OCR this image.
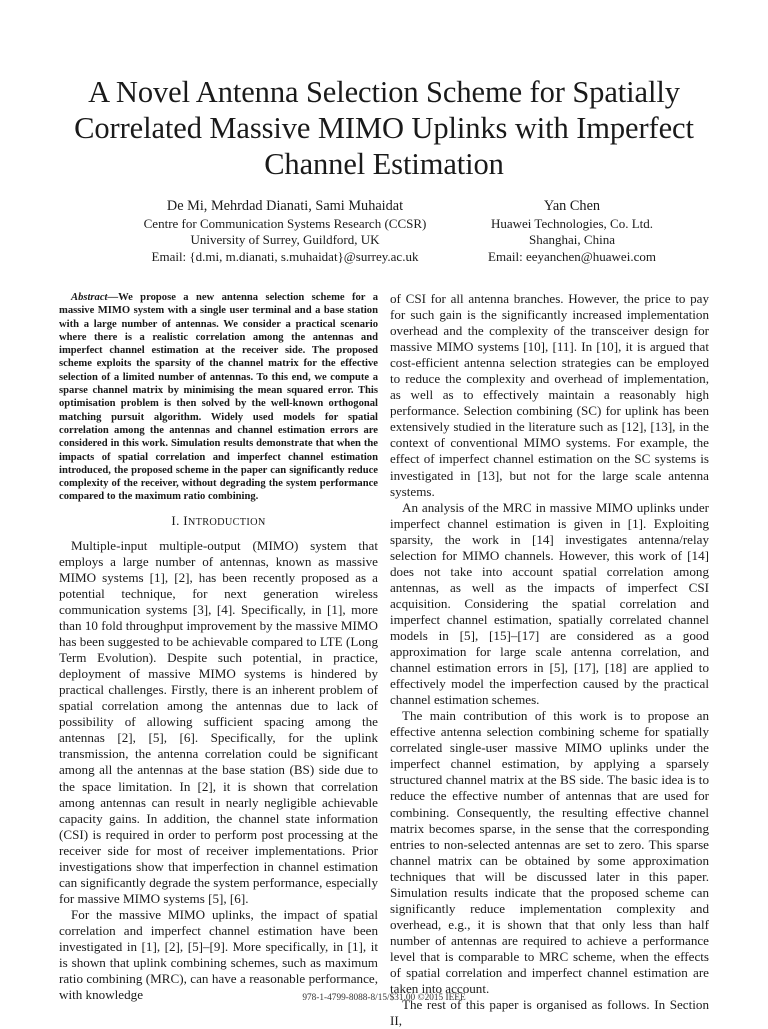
A Novel Antenna Selection Scheme for Spatially Correlated Massive MIMO Uplinks with Imperfect Channel Estimation
De Mi, Mehrdad Dianati, Sami Muhaidat
Centre for Communication Systems Research (CCSR)
University of Surrey, Guildford, UK
Email: {d.mi, m.dianati, s.muhaidat}@surrey.ac.uk
Yan Chen
Huawei Technologies, Co. Ltd.
Shanghai, China
Email: eeyanchen@huawei.com

Abstract—We propose a new antenna selection scheme for a massive MIMO system with a single user terminal and a base station with a large number of antennas. We consider a practical scenario where there is a realistic correlation among the antennas and imperfect channel estimation at the receiver side. The proposed scheme exploits the sparsity of the channel matrix for the effective selection of a limited number of antennas. To this end, we compute a sparse channel matrix by minimising the mean squared error. This optimisation problem is then solved by the well-known orthogonal matching pursuit algorithm. Widely used models for spatial correlation among the antennas and channel estimation errors are considered in this work. Simulation results demonstrate that when the impacts of spatial correlation and imperfect channel estimation introduced, the proposed scheme in the paper can significantly reduce complexity of the receiver, without degrading the system performance compared to the maximum ratio combining.

I. INTRODUCTION

Multiple-input multiple-output (MIMO) system that employs a large number of antennas, known as massive MIMO systems [1], [2], has been recently proposed as a potential technique, for next generation wireless communication systems [3], [4]. Specifically, in [1], more than 10 fold throughput improvement by the massive MIMO has been suggested to be achievable compared to LTE (Long Term Evolution). Despite such potential, in practice, deployment of massive MIMO systems is hindered by practical challenges. Firstly, there is an inherent problem of spatial correlation among the antennas due to lack of possibility of allowing sufficient spacing among the antennas [2], [5], [6]. Specifically, for the uplink transmission, the antenna correlation could be significant among all the antennas at the base station (BS) side due to the space limitation. In [2], it is shown that correlation among antennas can result in nearly negligible achievable capacity gains. In addition, the channel state information (CSI) is required in order to perform post processing at the receiver side for most of receiver implementations. Prior investigations show that imperfection in channel estimation can significantly degrade the system performance, especially for massive MIMO systems [5], [6].

For the massive MIMO uplinks, the impact of spatial correlation and imperfect channel estimation have been investigated in [1], [2], [5]–[9]. More specifically, in [1], it is shown that uplink combining schemes, such as maximum ratio combining (MRC), can have a reasonable performance, with knowledge

of CSI for all antenna branches. However, the price to pay for such gain is the significantly increased implementation overhead and the complexity of the transceiver design for massive MIMO systems [10], [11]. In [10], it is argued that cost-efficient antenna selection strategies can be employed to reduce the complexity and overhead of implementation, as well as to effectively maintain a reasonably high performance. Selection combining (SC) for uplink has been extensively studied in the literature such as [12], [13], in the context of conventional MIMO systems. For example, the effect of imperfect channel estimation on the SC systems is investigated in [13], but not for the large scale antenna systems.

An analysis of the MRC in massive MIMO uplinks under imperfect channel estimation is given in [1]. Exploiting sparsity, the work in [14] investigates antenna/relay selection for MIMO channels. However, this work of [14] does not take into account spatial correlation among antennas, as well as the impacts of imperfect CSI acquisition. Considering the spatial correlation and imperfect channel estimation, spatially correlated channel models in [5], [15]–[17] are considered as a good approximation for large scale antenna correlation, and channel estimation errors in [5], [17], [18] are applied to effectively model the imperfection caused by the practical channel estimation schemes.

The main contribution of this work is to propose an effective antenna selection combining scheme for spatially correlated single-user massive MIMO uplinks under the imperfect channel estimation, by applying a sparsely structured channel matrix at the BS side. The basic idea is to reduce the effective number of antennas that are used for combining. Consequently, the resulting effective channel matrix becomes sparse, in the sense that the corresponding entries to non-selected antennas are set to zero. This sparse channel matrix can be obtained by some approximation techniques that will be discussed later in this paper. Simulation results indicate that the proposed scheme can significantly reduce implementation complexity and overhead, e.g., it is shown that that only less than half number of antennas are required to achieve a performance level that is comparable to MRC scheme, when the effects of spatial correlation and imperfect channel estimation are taken into account.

The rest of this paper is organised as follows. In Section II,

978-1-4799-8088-8/15/$31.00 ©2015 IEEE
